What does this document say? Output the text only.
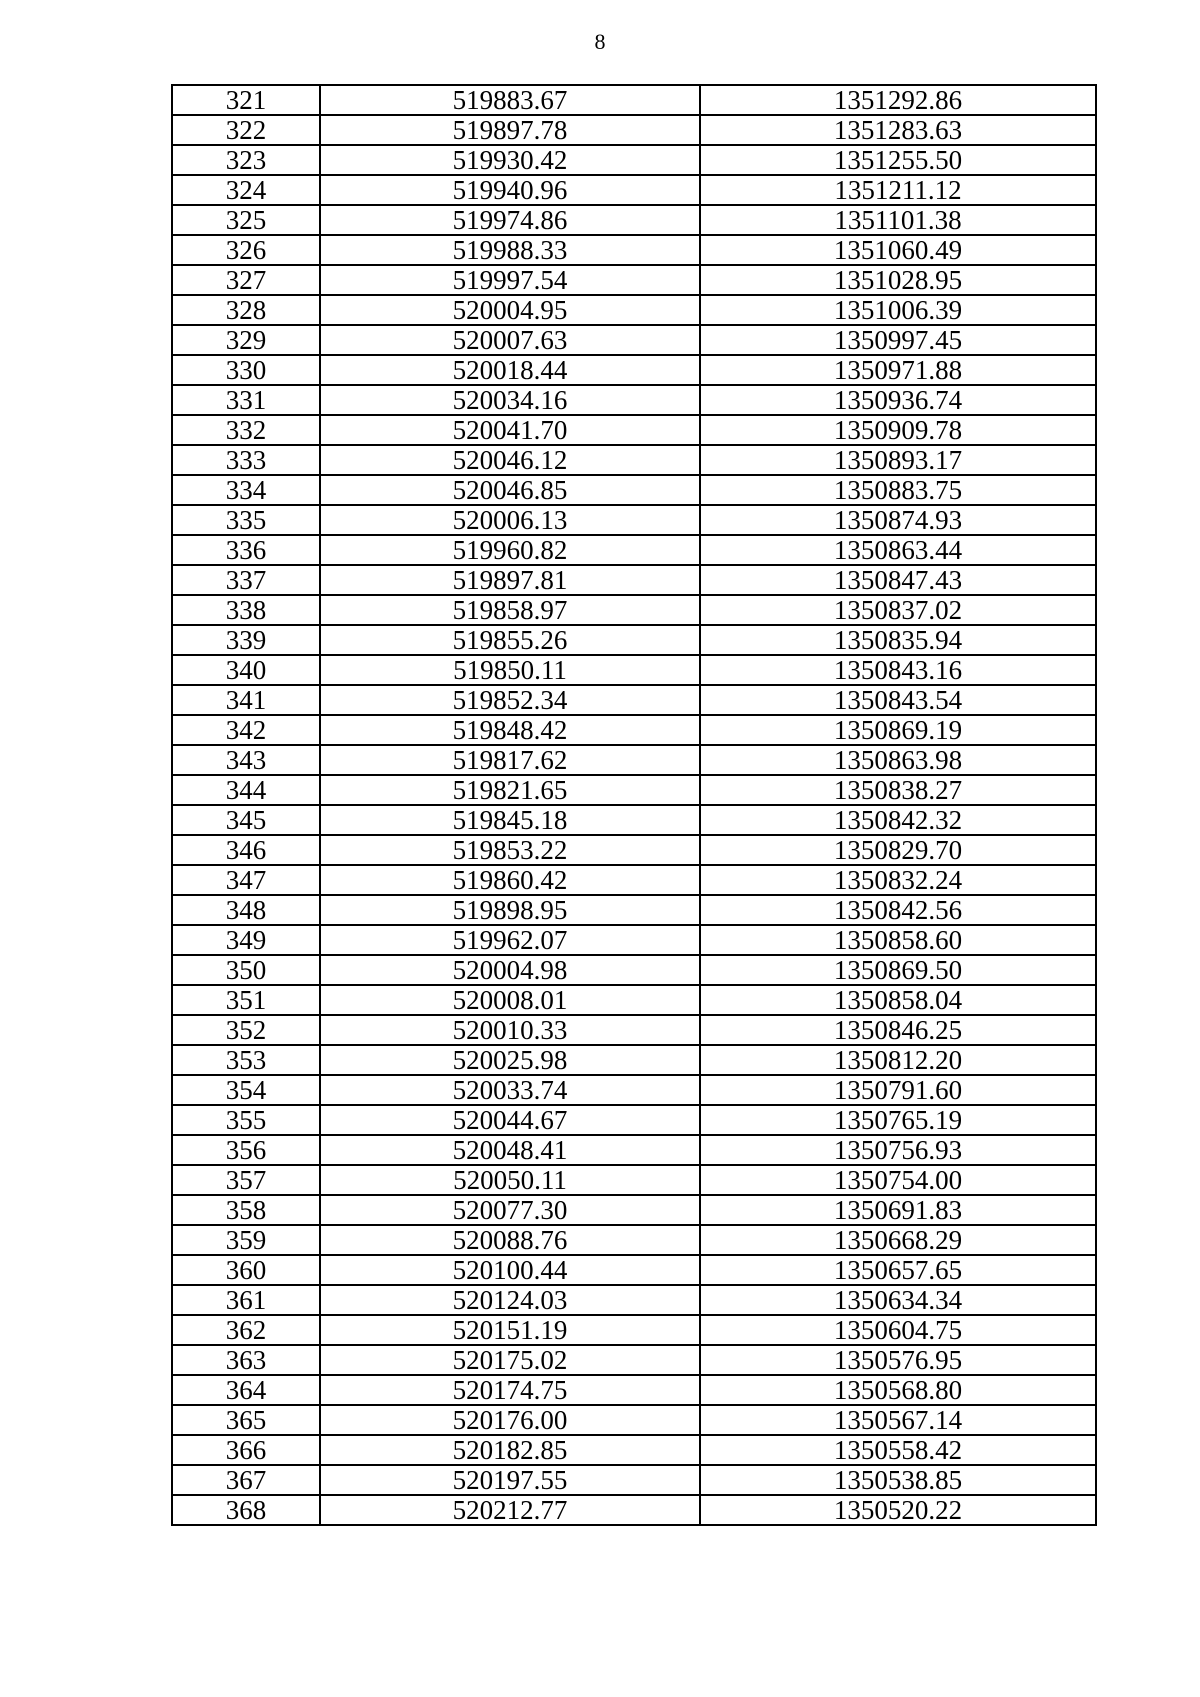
8
321	519883.67	1351292.86
322	519897.78	1351283.63
323	519930.42	1351255.50
324	519940.96	1351211.12
325	519974.86	1351101.38
326	519988.33	1351060.49
327	519997.54	1351028.95
328	520004.95	1351006.39
329	520007.63	1350997.45
330	520018.44	1350971.88
331	520034.16	1350936.74
332	520041.70	1350909.78
333	520046.12	1350893.17
334	520046.85	1350883.75
335	520006.13	1350874.93
336	519960.82	1350863.44
337	519897.81	1350847.43
338	519858.97	1350837.02
339	519855.26	1350835.94
340	519850.11	1350843.16
341	519852.34	1350843.54
342	519848.42	1350869.19
343	519817.62	1350863.98
344	519821.65	1350838.27
345	519845.18	1350842.32
346	519853.22	1350829.70
347	519860.42	1350832.24
348	519898.95	1350842.56
349	519962.07	1350858.60
350	520004.98	1350869.50
351	520008.01	1350858.04
352	520010.33	1350846.25
353	520025.98	1350812.20
354	520033.74	1350791.60
355	520044.67	1350765.19
356	520048.41	1350756.93
357	520050.11	1350754.00
358	520077.30	1350691.83
359	520088.76	1350668.29
360	520100.44	1350657.65
361	520124.03	1350634.34
362	520151.19	1350604.75
363	520175.02	1350576.95
364	520174.75	1350568.80
365	520176.00	1350567.14
366	520182.85	1350558.42
367	520197.55	1350538.85
368	520212.77	1350520.22
